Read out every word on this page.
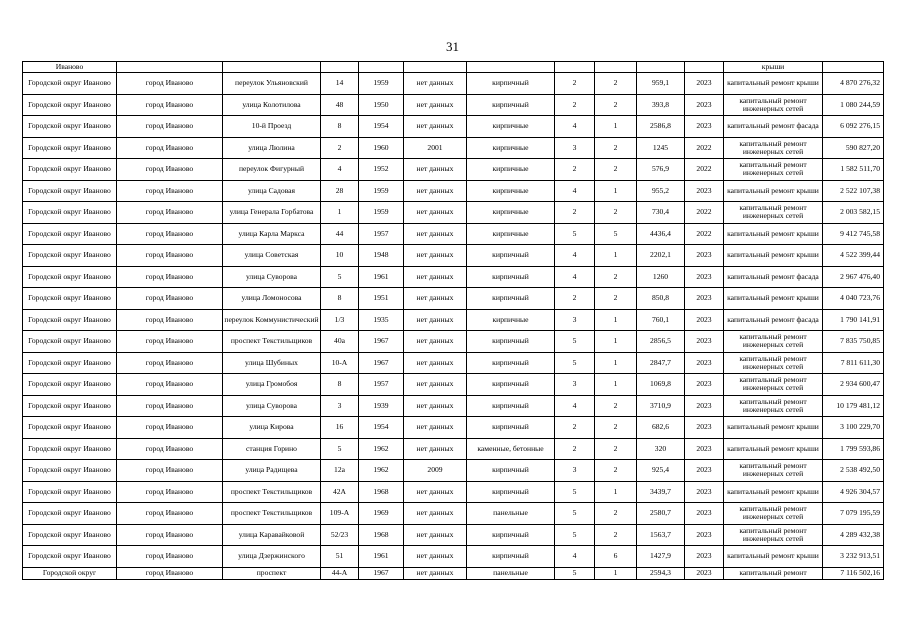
31
Иваново											крыши	
Городской округ Иваново	город Иваново	переулок Ульяновский	14	1959	нет данных	кирпичный	2	2	959,1	2023	капитальный ремонт крыши	4 870 276,32
Городской округ Иваново	город Иваново	улица Колотилова	48	1950	нет данных	кирпичный	2	2	393,8	2023	капитальный ремонт инженерных сетей	1 080 244,59
Городской округ Иваново	город Иваново	10-й Проезд	8	1954	нет данных	кирпичные	4	1	2586,8	2023	капитальный ремонт фасада	6 092 276,15
Городской округ Иваново	город Иваново	улица Люлина	2	1960	2001	кирпичные	3	2	1245	2022	капитальный ремонт инженерных сетей	590 827,20
Городской округ Иваново	город Иваново	переулок Фигурный	4	1952	нет данных	кирпичные	2	2	576,9	2022	капитальный ремонт инженерных сетей	1 582 511,70
Городской округ Иваново	город Иваново	улица Садовая	28	1959	нет данных	кирпичные	4	1	955,2	2023	капитальный ремонт крыши	2 522 107,38
Городской округ Иваново	город Иваново	улица Генерала Горбатова	1	1959	нет данных	кирпичные	2	2	730,4	2022	капитальный ремонт инженерных сетей	2 003 582,15
Городской округ Иваново	город Иваново	улица Карла Маркса	44	1957	нет данных	кирпичные	5	5	4436,4	2022	капитальный ремонт крыши	9 412 745,58
Городской округ Иваново	город Иваново	улица Советская	10	1948	нет данных	кирпичный	4	1	2202,1	2023	капитальный ремонт крыши	4 522 399,44
Городской округ Иваново	город Иваново	улица Суворова	5	1961	нет данных	кирпичный	4	2	1260	2023	капитальный ремонт фасада	2 967 476,40
Городской округ Иваново	город Иваново	улица Ломоносова	8	1951	нет данных	кирпичный	2	2	850,8	2023	капитальный ремонт крыши	4 040 723,76
Городской округ Иваново	город Иваново	переулок Коммунистический	1/3	1935	нет данных	кирпичные	3	1	760,1	2023	капитальный ремонт фасада	1 790 141,91
Городской округ Иваново	город Иваново	проспект Текстильщиков	40а	1967	нет данных	кирпичный	5	1	2856,5	2023	капитальный ремонт инженерных сетей	7 835 750,85
Городской округ Иваново	город Иваново	улица Шубиных	10-А	1967	нет данных	кирпичный	5	1	2847,7	2023	капитальный ремонт инженерных сетей	7 811 611,30
Городской округ Иваново	город Иваново	улица Громобоя	8	1957	нет данных	кирпичный	3	1	1069,8	2023	капитальный ремонт инженерных сетей	2 934 600,47
Городской округ Иваново	город Иваново	улица Суворова	3	1939	нет данных	кирпичный	4	2	3710,9	2023	капитальный ремонт инженерных сетей	10 179 481,12
Городской округ Иваново	город Иваново	улица Кирова	16	1954	нет данных	кирпичный	2	2	682,6	2023	капитальный ремонт крыши	3 100 229,70
Городской округ Иваново	город Иваново	станция Горино	5	1962	нет данных	каменные, бетонные	2	2	320	2023	капитальный ремонт крыши	1 799 593,86
Городской округ Иваново	город Иваново	улица Радищева	12а	1962	2009	кирпичный	3	2	925,4	2023	капитальный ремонт инженерных сетей	2 538 492,50
Городской округ Иваново	город Иваново	проспект Текстильщиков	42А	1968	нет данных	кирпичный	5	1	3439,7	2023	капитальный ремонт крыши	4 926 304,57
Городской округ Иваново	город Иваново	проспект Текстильщиков	109-А	1969	нет данных	панельные	5	2	2580,7	2023	капитальный ремонт инженерных сетей	7 079 195,59
Городской округ Иваново	город Иваново	улица Каравайковой	52/23	1968	нет данных	кирпичный	5	2	1563,7	2023	капитальный ремонт инженерных сетей	4 289 432,38
Городской округ Иваново	город Иваново	улица Дзержинского	51	1961	нет данных	кирпичный	4	6	1427,9	2023	капитальный ремонт крыши	3 232 913,51
Городской округ	город Иваново	проспект	44-А	1967	нет данных	панельные	5	1	2594,3	2023	капитальный ремонт	7 116 502,16
